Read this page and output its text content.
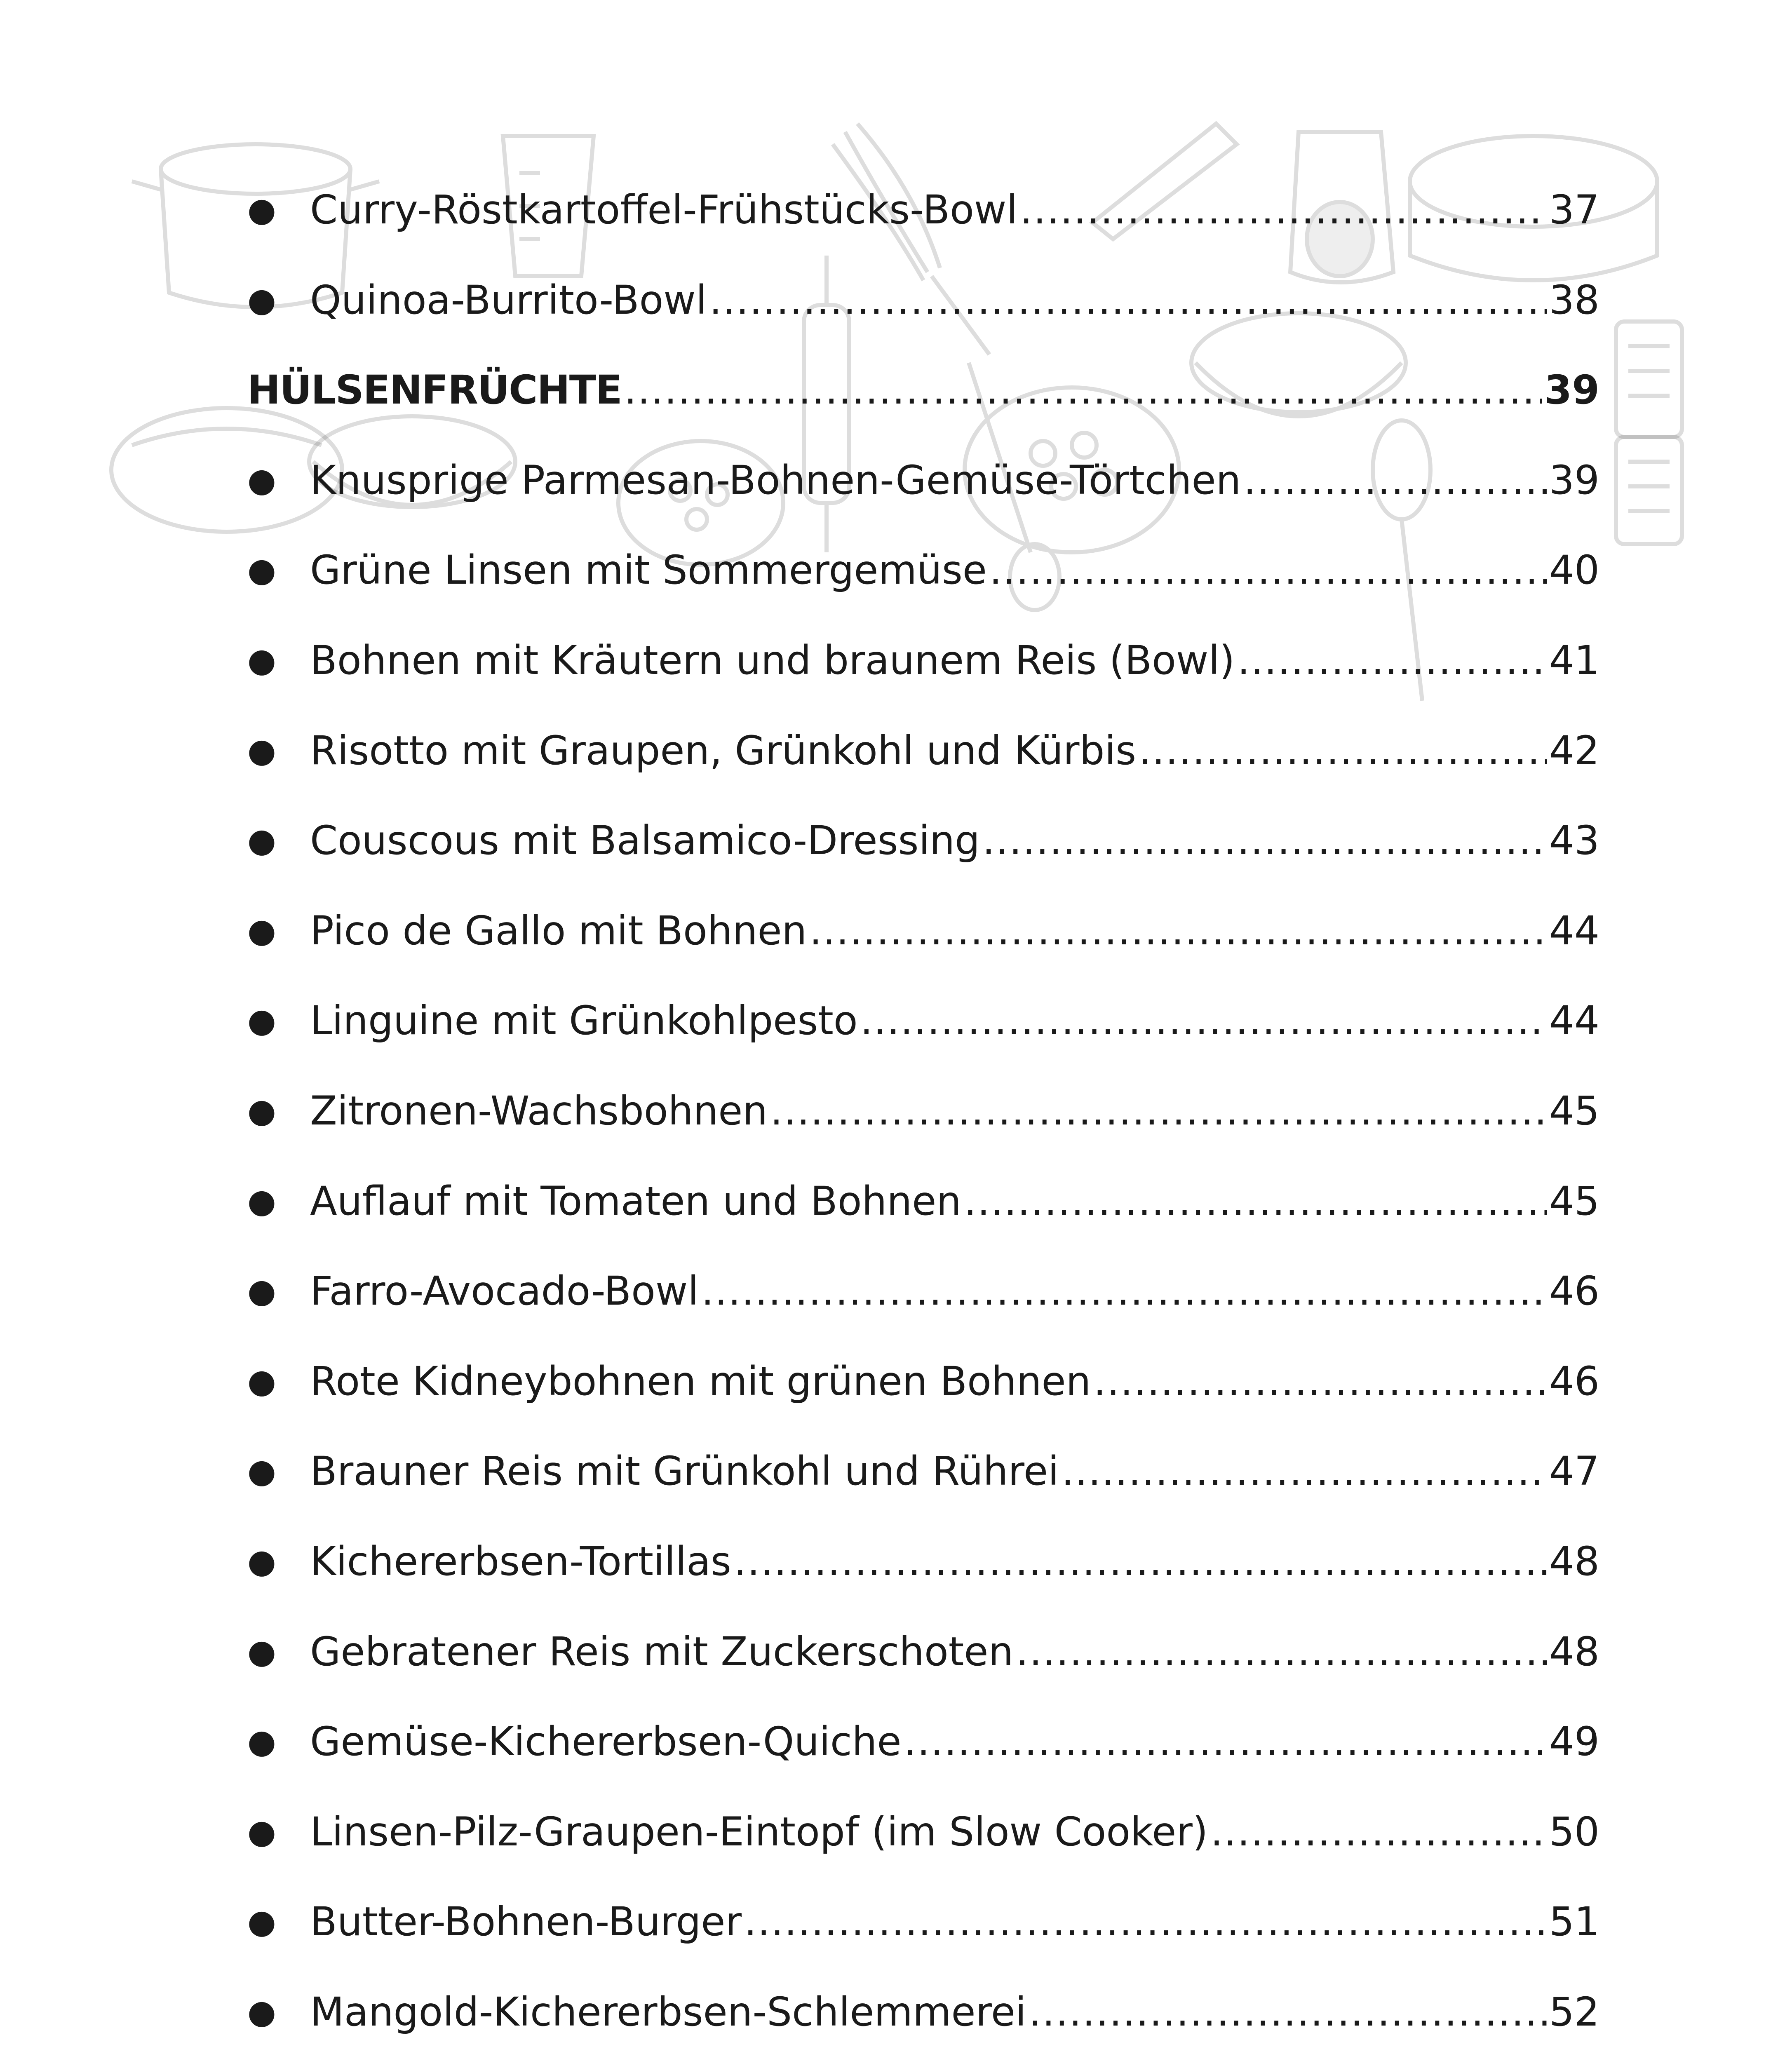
● Curry-Röstkartoffel-Frühstücks-Bowl .....	37
● Quinoa-Burrito-Bowl .....	38
HÜLSENFRÜCHTE .....	39
● Knusprige Parmesan-Bohnen-Gemüse-Törtchen .....	39
● Grüne Linsen mit Sommergemüse .....	40
● Bohnen mit Kräutern und braunem Reis (Bowl) .....	41
● Risotto mit Graupen, Grünkohl und Kürbis .....	42
● Couscous mit Balsamico-Dressing .....	43
● Pico de Gallo mit Bohnen .....	44
● Linguine mit Grünkohlpesto .....	44
● Zitronen-Wachsbohnen .....	45
● Auflauf mit Tomaten und Bohnen .....	45
● Farro-Avocado-Bowl .....	46
● Rote Kidneybohnen mit grünen Bohnen .....	46
● Brauner Reis mit Grünkohl und Rührei .....	47
● Kichererbsen-Tortillas .....	48
● Gebratener Reis mit Zuckerschoten .....	48
● Gemüse-Kichererbsen-Quiche .....	49
● Linsen-Pilz-Graupen-Eintopf (im Slow Cooker) .....	50
● Butter-Bohnen-Burger .....	51
● Mangold-Kichererbsen-Schlemmerei .....	52
.....
